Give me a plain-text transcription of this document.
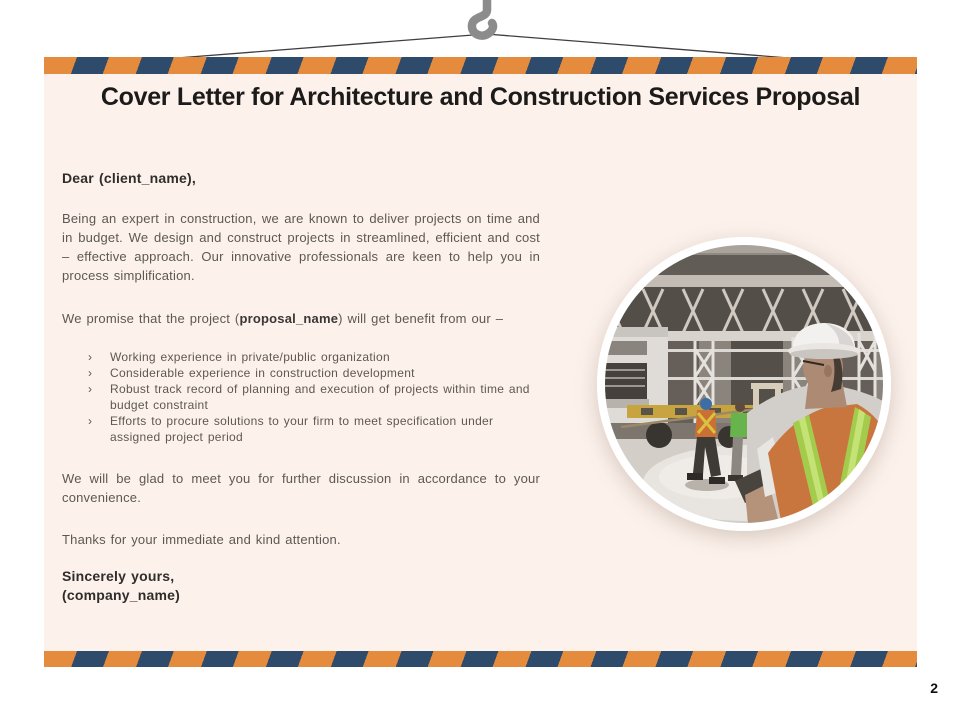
Cover Letter for Architecture and Construction Services Proposal

Dear (client_name),

Being an expert in construction, we are known to deliver projects on time and in budget. We design and construct projects in streamlined, efficient and cost – effective approach. Our innovative professionals are keen to help you in process simplification.

We promise that the project (proposal_name) will get benefit from our –

›	Working experience in private/public organization
›	Considerable experience in construction development
›	Robust track record of planning and execution of projects within time and budget constraint
›	Efforts to procure solutions to your firm to meet specification under assigned project period

We will be glad to meet you for further discussion in accordance to your convenience.

Thanks for your immediate and kind attention.

Sincerely yours,
(company_name)

2
